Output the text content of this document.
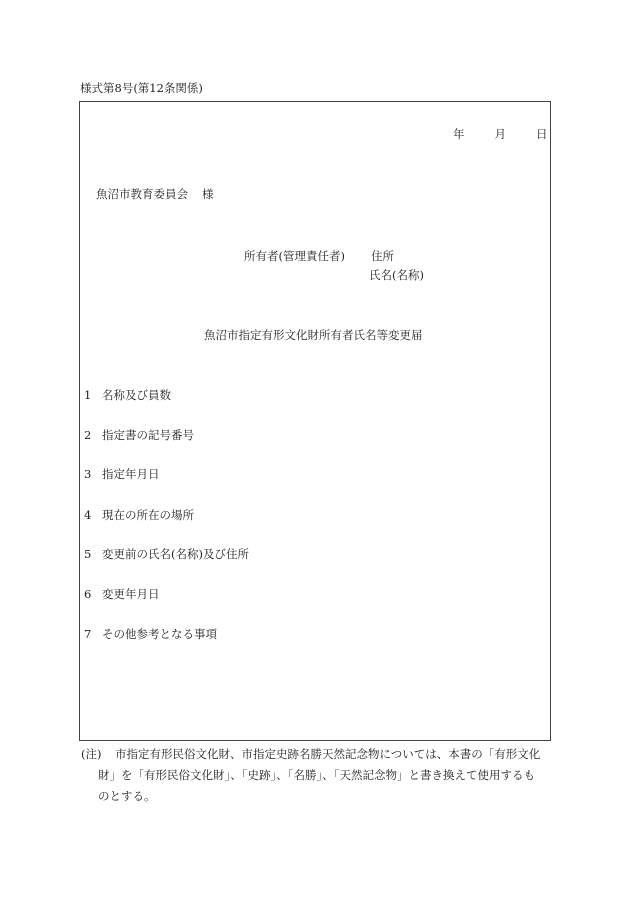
様式第8号(第12条関係)
年	月	日
魚沼市教育委員会 様
所有者(管理責任者) 住所
氏名(名称)
魚沼市指定有形文化財所有者氏名等変更届
1 名称及び員数
2 指定書の記号番号
3 指定年月日
4 現在の所在の場所
5 変更前の氏名(名称)及び住所
6 変更年月日
7 その他参考となる事項
(注) 市指定有形民俗文化財、市指定史跡名勝天然記念物については、本書の「有形文化
財」を「有形民俗文化財」、「史跡」、「名勝」、「天然記念物」と書き換えて使用するも
のとする。
